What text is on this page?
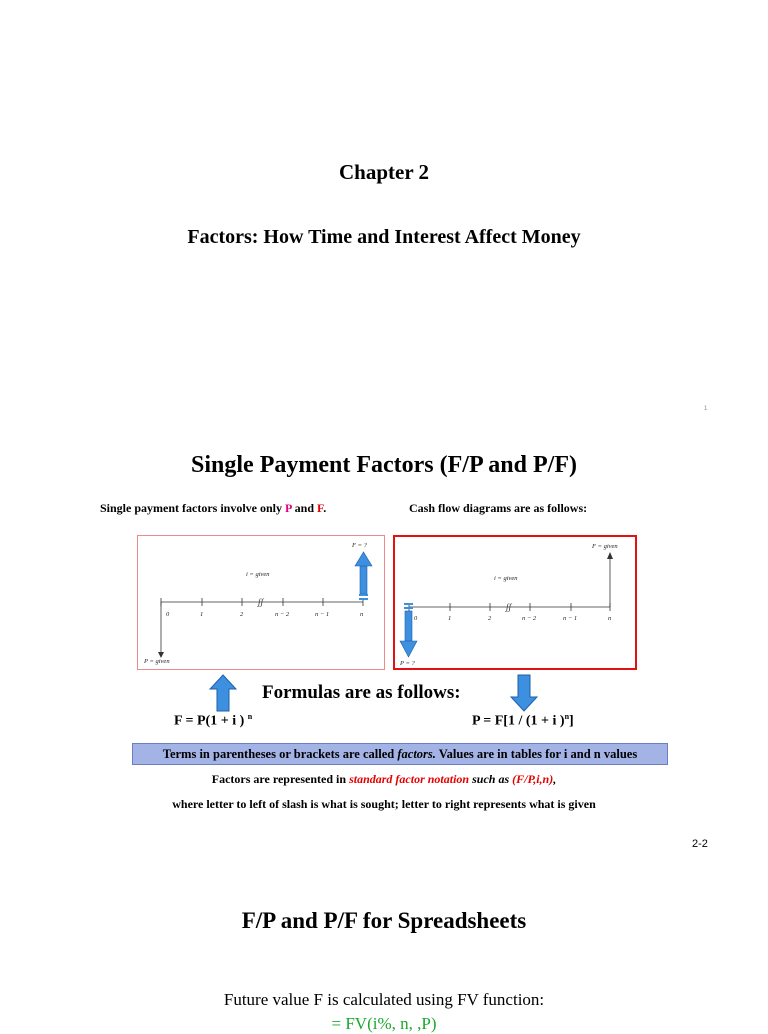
Chapter 2
Factors: How Time and Interest Affect Money
1
Single Payment Factors (F/P and P/F)
Single payment factors involve only P and F.	Cash flow diagrams are as follows:
ʃʃ
F = ?
i = given
P = given
0	1	2	n − 2	n − 1	n
ʃʃ
F = given
i = given
P = ?
0	1	2	n − 2	n − 1	n
Formulas are as follows:
F = P(1 + i ) $^n$	P = F[1 / (1 + i )$^n$]
Terms in parentheses or brackets are called factors. Values are in tables for i and n values
Factors are represented in standard factor notation such as (F/P,i,n),
where letter to left of slash is what is sought; letter to right represents what is given
2-2
F/P and P/F for Spreadsheets
Future value F is calculated using FV function:
= FV(i%, n, ,P)
